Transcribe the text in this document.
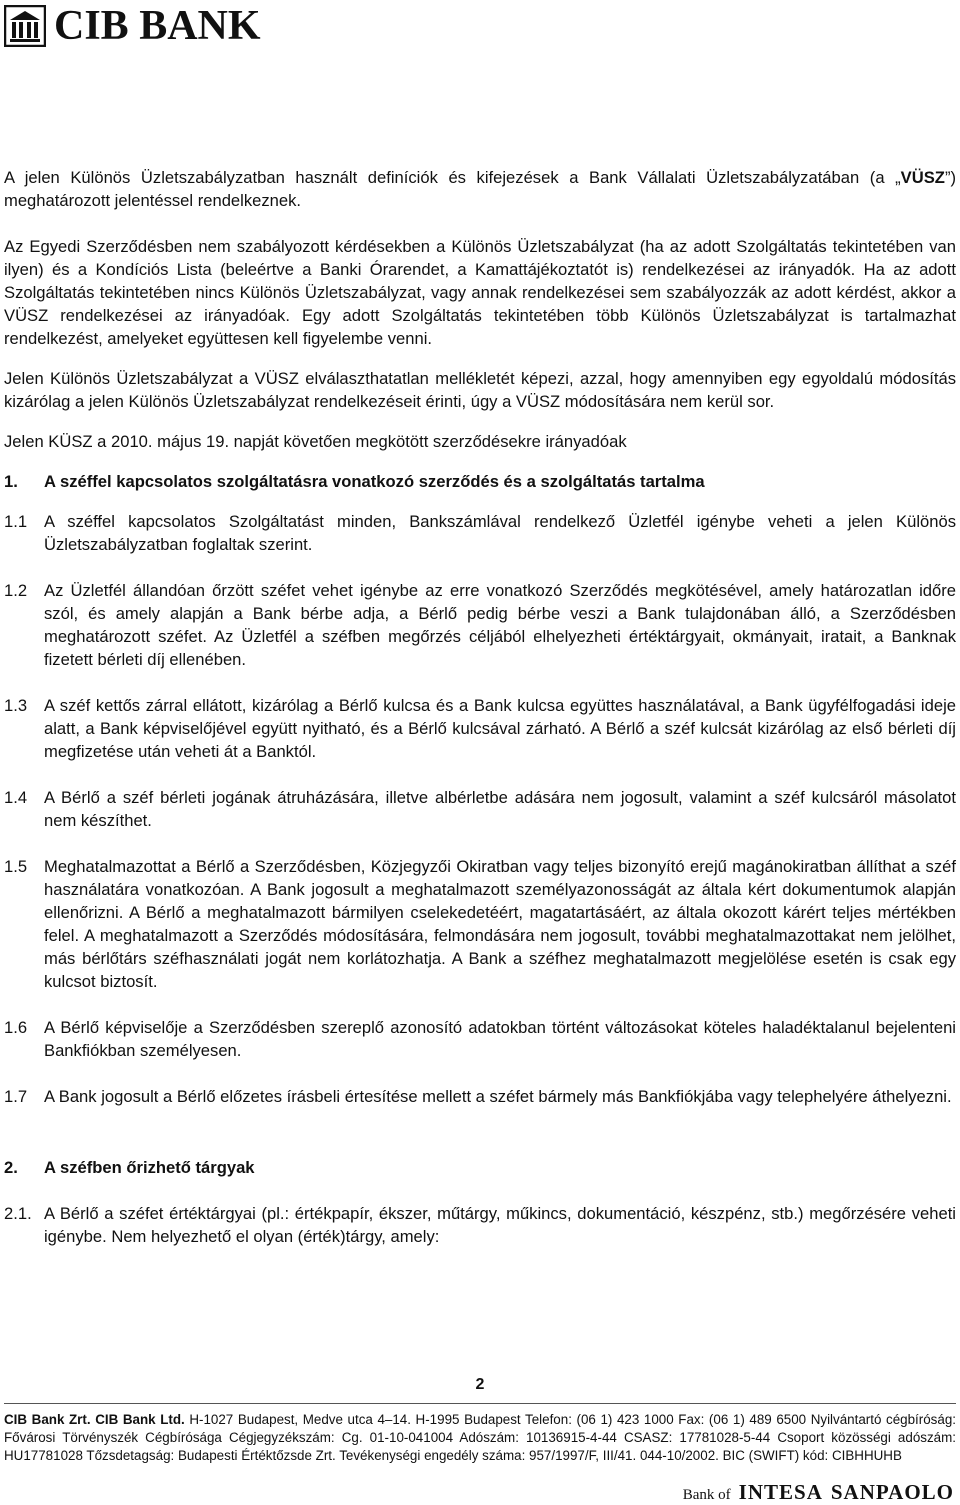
CIB BANK

A jelen Különös Üzletszabályzatban használt definíciók és kifejezések a Bank Vállalati Üzletszabályzatában (a „VÜSZ”) meghatározott jelentéssel rendelkeznek.

Az Egyedi Szerződésben nem szabályozott kérdésekben a Különös Üzletszabályzat (ha az adott Szolgáltatás tekintetében van ilyen) és a Kondíciós Lista (beleértve a Banki Órarendet, a Kamattájékoztatót is) rendelkezései az irányadók. Ha az adott Szolgáltatás tekintetében nincs Különös Üzletszabályzat, vagy annak rendelkezései sem szabályozzák az adott kérdést, akkor a VÜSZ rendelkezései az irányadóak. Egy adott Szolgáltatás tekintetében több Különös Üzletszabályzat is tartalmazhat rendelkezést, amelyeket együttesen kell figyelembe venni.

Jelen Különös Üzletszabályzat a VÜSZ elválaszthatatlan mellékletét képezi, azzal, hogy amennyiben egy egyoldalú módosítás kizárólag a jelen Különös Üzletszabályzat rendelkezéseit érinti, úgy a VÜSZ módosítására nem kerül sor.

Jelen KÜSZ a 2010. május 19. napját követően megkötött szerződésekre irányadóak

1.	A széffel kapcsolatos szolgáltatásra vonatkozó szerződés és a szolgáltatás tartalma
1.1	A széffel kapcsolatos Szolgáltatást minden, Bankszámlával rendelkező Üzletfél igénybe veheti a jelen Különös Üzletszabályzatban foglaltak szerint.
1.2	Az Üzletfél állandóan őrzött széfet vehet igénybe az erre vonatkozó Szerződés megkötésével, amely határozatlan időre szól, és amely alapján a Bank bérbe adja, a Bérlő pedig bérbe veszi a Bank tulajdonában álló, a Szerződésben meghatározott széfet. Az Üzletfél a széfben megőrzés céljából elhelyezheti értéktárgyait, okmányait, iratait, a Banknak fizetett bérleti díj ellenében.
1.3	A széf kettős zárral ellátott, kizárólag a Bérlő kulcsa és a Bank kulcsa együttes használatával, a Bank ügyfélfogadási ideje alatt, a Bank képviselőjével együtt nyitható, és a Bérlő kulcsával zárható. A Bérlő a széf kulcsát kizárólag az első bérleti díj megfizetése után veheti át a Banktól.
1.4	A Bérlő a széf bérleti jogának átruházására, illetve albérletbe adására nem jogosult, valamint a széf kulcsáról másolatot nem készíthet.
1.5	Meghatalmazottat a Bérlő a Szerződésben, Közjegyzői Okiratban vagy teljes bizonyító erejű magánokiratban állíthat a széf használatára vonatkozóan. A Bank jogosult a meghatalmazott személyazonosságát az általa kért dokumentumok alapján ellenőrizni. A Bérlő a meghatalmazott bármilyen cselekedetéért, magatartásáért, az általa okozott kárért teljes mértékben felel. A meghatalmazott a Szerződés módosítására, felmondására nem jogosult, további meghatalmazottakat nem jelölhet, más bérlőtárs széfhasználati jogát nem korlátozhatja. A Bank a széfhez meghatalmazott megjelölése esetén is csak egy kulcsot biztosít.
1.6	A Bérlő képviselője a Szerződésben szereplő azonosító adatokban történt változásokat köteles haladéktalanul bejelenteni Bankfiókban személyesen.
1.7	A Bank jogosult a Bérlő előzetes írásbeli értesítése mellett a széfet bármely más Bankfiókjába vagy telephelyére áthelyezni.
2.	A széfben őrizhető tárgyak
2.1. A Bérlő a széfet értéktárgyai (pl.: értékpapír, ékszer, műtárgy, műkincs, dokumentáció, készpénz, stb.) megőrzésére veheti igénybe. Nem helyezhető el olyan (érték)tárgy, amely:
2

CIB Bank Zrt. CIB Bank Ltd. H-1027 Budapest, Medve utca 4–14. H-1995 Budapest Telefon: (06 1) 423 1000 Fax: (06 1) 489 6500 Nyilvántartó cégbíróság: Fővárosi Törvényszék Cégbírósága Cégjegyzékszám: Cg. 01-10-041004 Adószám: 10136915-4-44 CSASZ: 17781028-5-44 Csoport közösségi adószám: HU17781028 Tőzsdetagság: Budapesti Értéktőzsde Zrt. Tevékenységi engedély száma: 957/1997/F, III/41. 044-10/2002. BIC (SWIFT) kód: CIBHHUHB

Bank of INTESA SANPAOLO
